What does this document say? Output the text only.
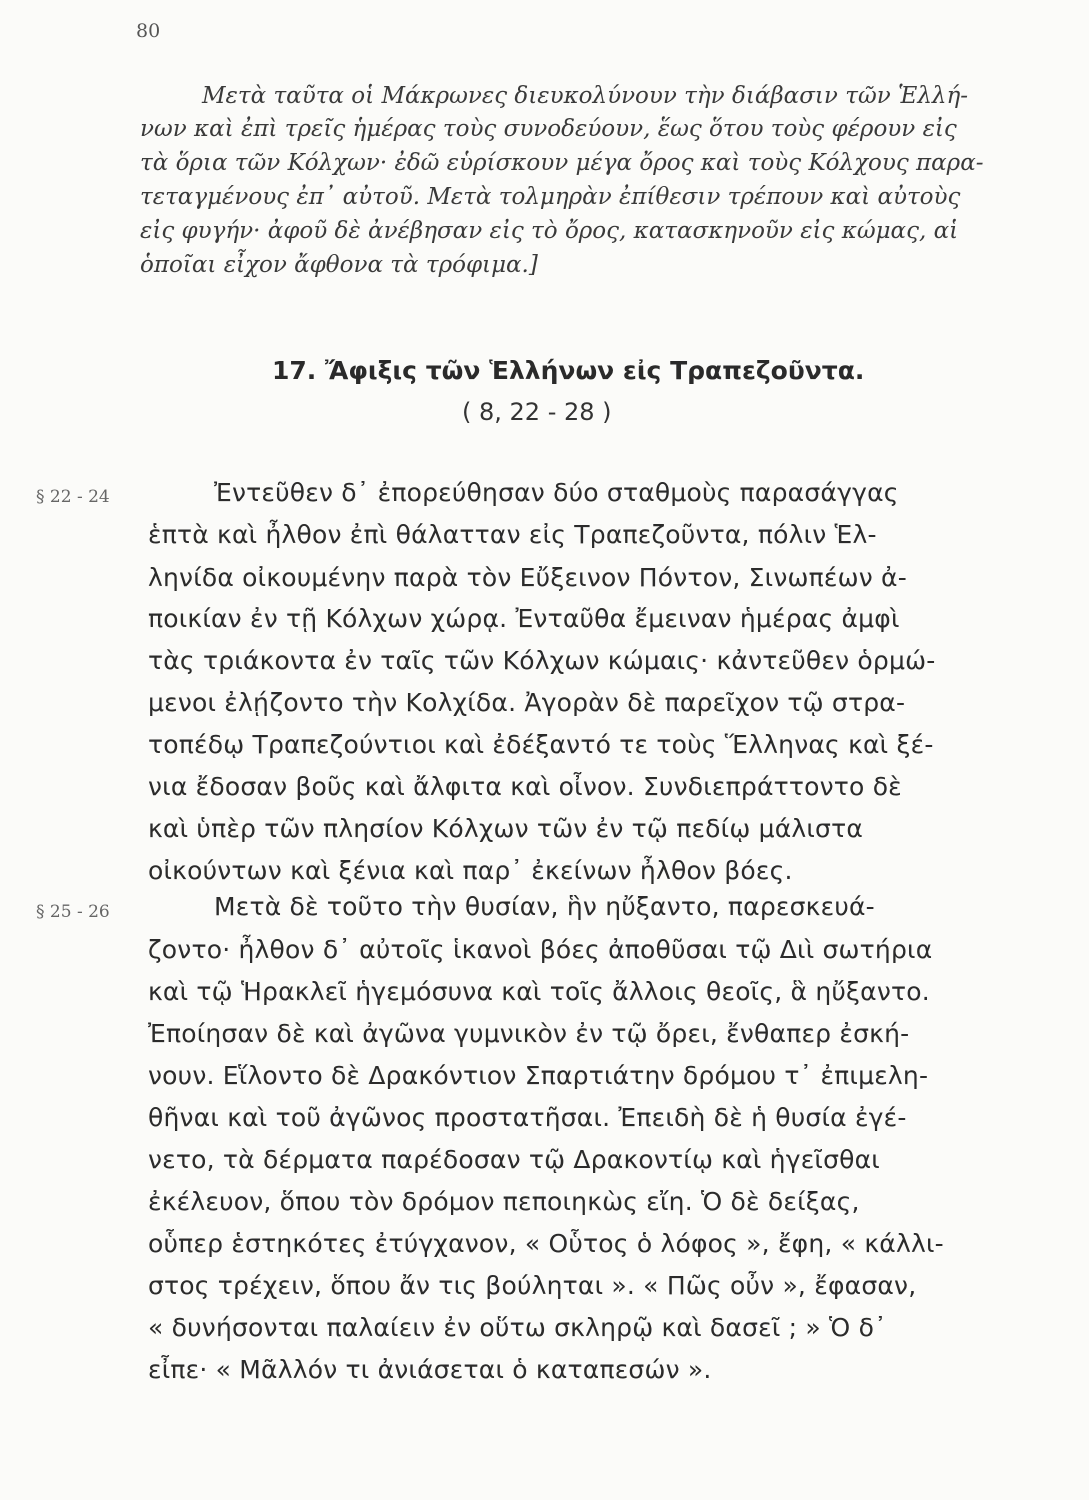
80
Μετὰ ταῦτα οἱ Μάκρωνες διευκολύνουν τὴν διάβασιν τῶν Ἑλλή-
νων καὶ ἐπὶ τρεῖς ἡμέρας τοὺς συνοδεύουν, ἕως ὅτου τοὺς φέρουν εἰς
τὰ ὅρια τῶν Κόλχων· ἐδῶ εὑρίσκουν μέγα ὄρος καὶ τοὺς Κόλχους παρα-
τεταγμένους ἐπ᾽ αὐτοῦ. Μετὰ τολμηρὰν ἐπίθεσιν τρέπουν καὶ αὐτοὺς
εἰς φυγήν· ἀφοῦ δὲ ἀνέβησαν εἰς τὸ ὄρος, κατασκηνοῦν εἰς κώμας, αἱ
ὁποῖαι εἶχον ἄφθονα τὰ τρόφιμα.]
17. Ἄφιξις τῶν Ἑλλήνων εἰς Τραπεζοῦντα.
( 8, 22 - 28 )
§ 22 - 24	Ἐντεῦθεν δ᾽ ἐπορεύθησαν δύο σταθμοὺς παρασάγγας
ἑπτὰ καὶ ἦλθον ἐπὶ θάλατταν εἰς Τραπεζοῦντα, πόλιν Ἑλ-
ληνίδα οἰκουμένην παρὰ τὸν Εὔξεινον Πόντον, Σινωπέων ἀ-
ποικίαν ἐν τῇ Κόλχων χώρᾳ. Ἐνταῦθα ἔμειναν ἡμέρας ἀμφὶ
τὰς τριάκοντα ἐν ταῖς τῶν Κόλχων κώμαις· κἀντεῦθεν ὁρμώ-
μενοι ἐλῄζοντο τὴν Κολχίδα. Ἀγορὰν δὲ παρεῖχον τῷ στρα-
τοπέδῳ Τραπεζούντιοι καὶ ἐδέξαντό τε τοὺς Ἕλληνας καὶ ξέ-
νια ἔδοσαν βοῦς καὶ ἄλφιτα καὶ οἶνον. Συνδιεπράττοντο δὲ
καὶ ὑπὲρ τῶν πλησίον Κόλχων τῶν ἐν τῷ πεδίῳ μάλιστα
οἰκούντων καὶ ξένια καὶ παρ᾽ ἐκείνων ἦλθον βόες.
§ 25 - 26	Μετὰ δὲ τοῦτο τὴν θυσίαν, ἣν ηὔξαντο, παρεσκευά-
ζοντο· ἦλθον δ᾽ αὐτοῖς ἱκανοὶ βόες ἀποθῦσαι τῷ Διὶ σωτήρια
καὶ τῷ Ἡρακλεῖ ἡγεμόσυνα καὶ τοῖς ἄλλοις θεοῖς, ἃ ηὔξαντο.
Ἐποίησαν δὲ καὶ ἀγῶνα γυμνικὸν ἐν τῷ ὄρει, ἔνθαπερ ἐσκή-
νουν. Εἵλοντο δὲ Δρακόντιον Σπαρτιάτην δρόμου τ᾽ ἐπιμελη-
θῆναι καὶ τοῦ ἀγῶνος προστατῆσαι. Ἐπειδὴ δὲ ἡ θυσία ἐγέ-
νετο, τὰ δέρματα παρέδοσαν τῷ Δρακοντίῳ καὶ ἡγεῖσθαι
ἐκέλευον, ὅπου τὸν δρόμον πεποιηκὼς εἴη. Ὁ δὲ δείξας,
οὗπερ ἑστηκότες ἐτύγχανον, « Οὗτος ὁ λόφος », ἔφη, « κάλλι-
στος τρέχειν, ὅπου ἄν τις βούληται ». « Πῶς οὖν », ἔφασαν,
« δυνήσονται παλαίειν ἐν οὕτω σκληρῷ καὶ δασεῖ ; » Ὁ δ᾽
εἶπε· « Μᾶλλόν τι ἀνιάσεται ὁ καταπεσών ».
